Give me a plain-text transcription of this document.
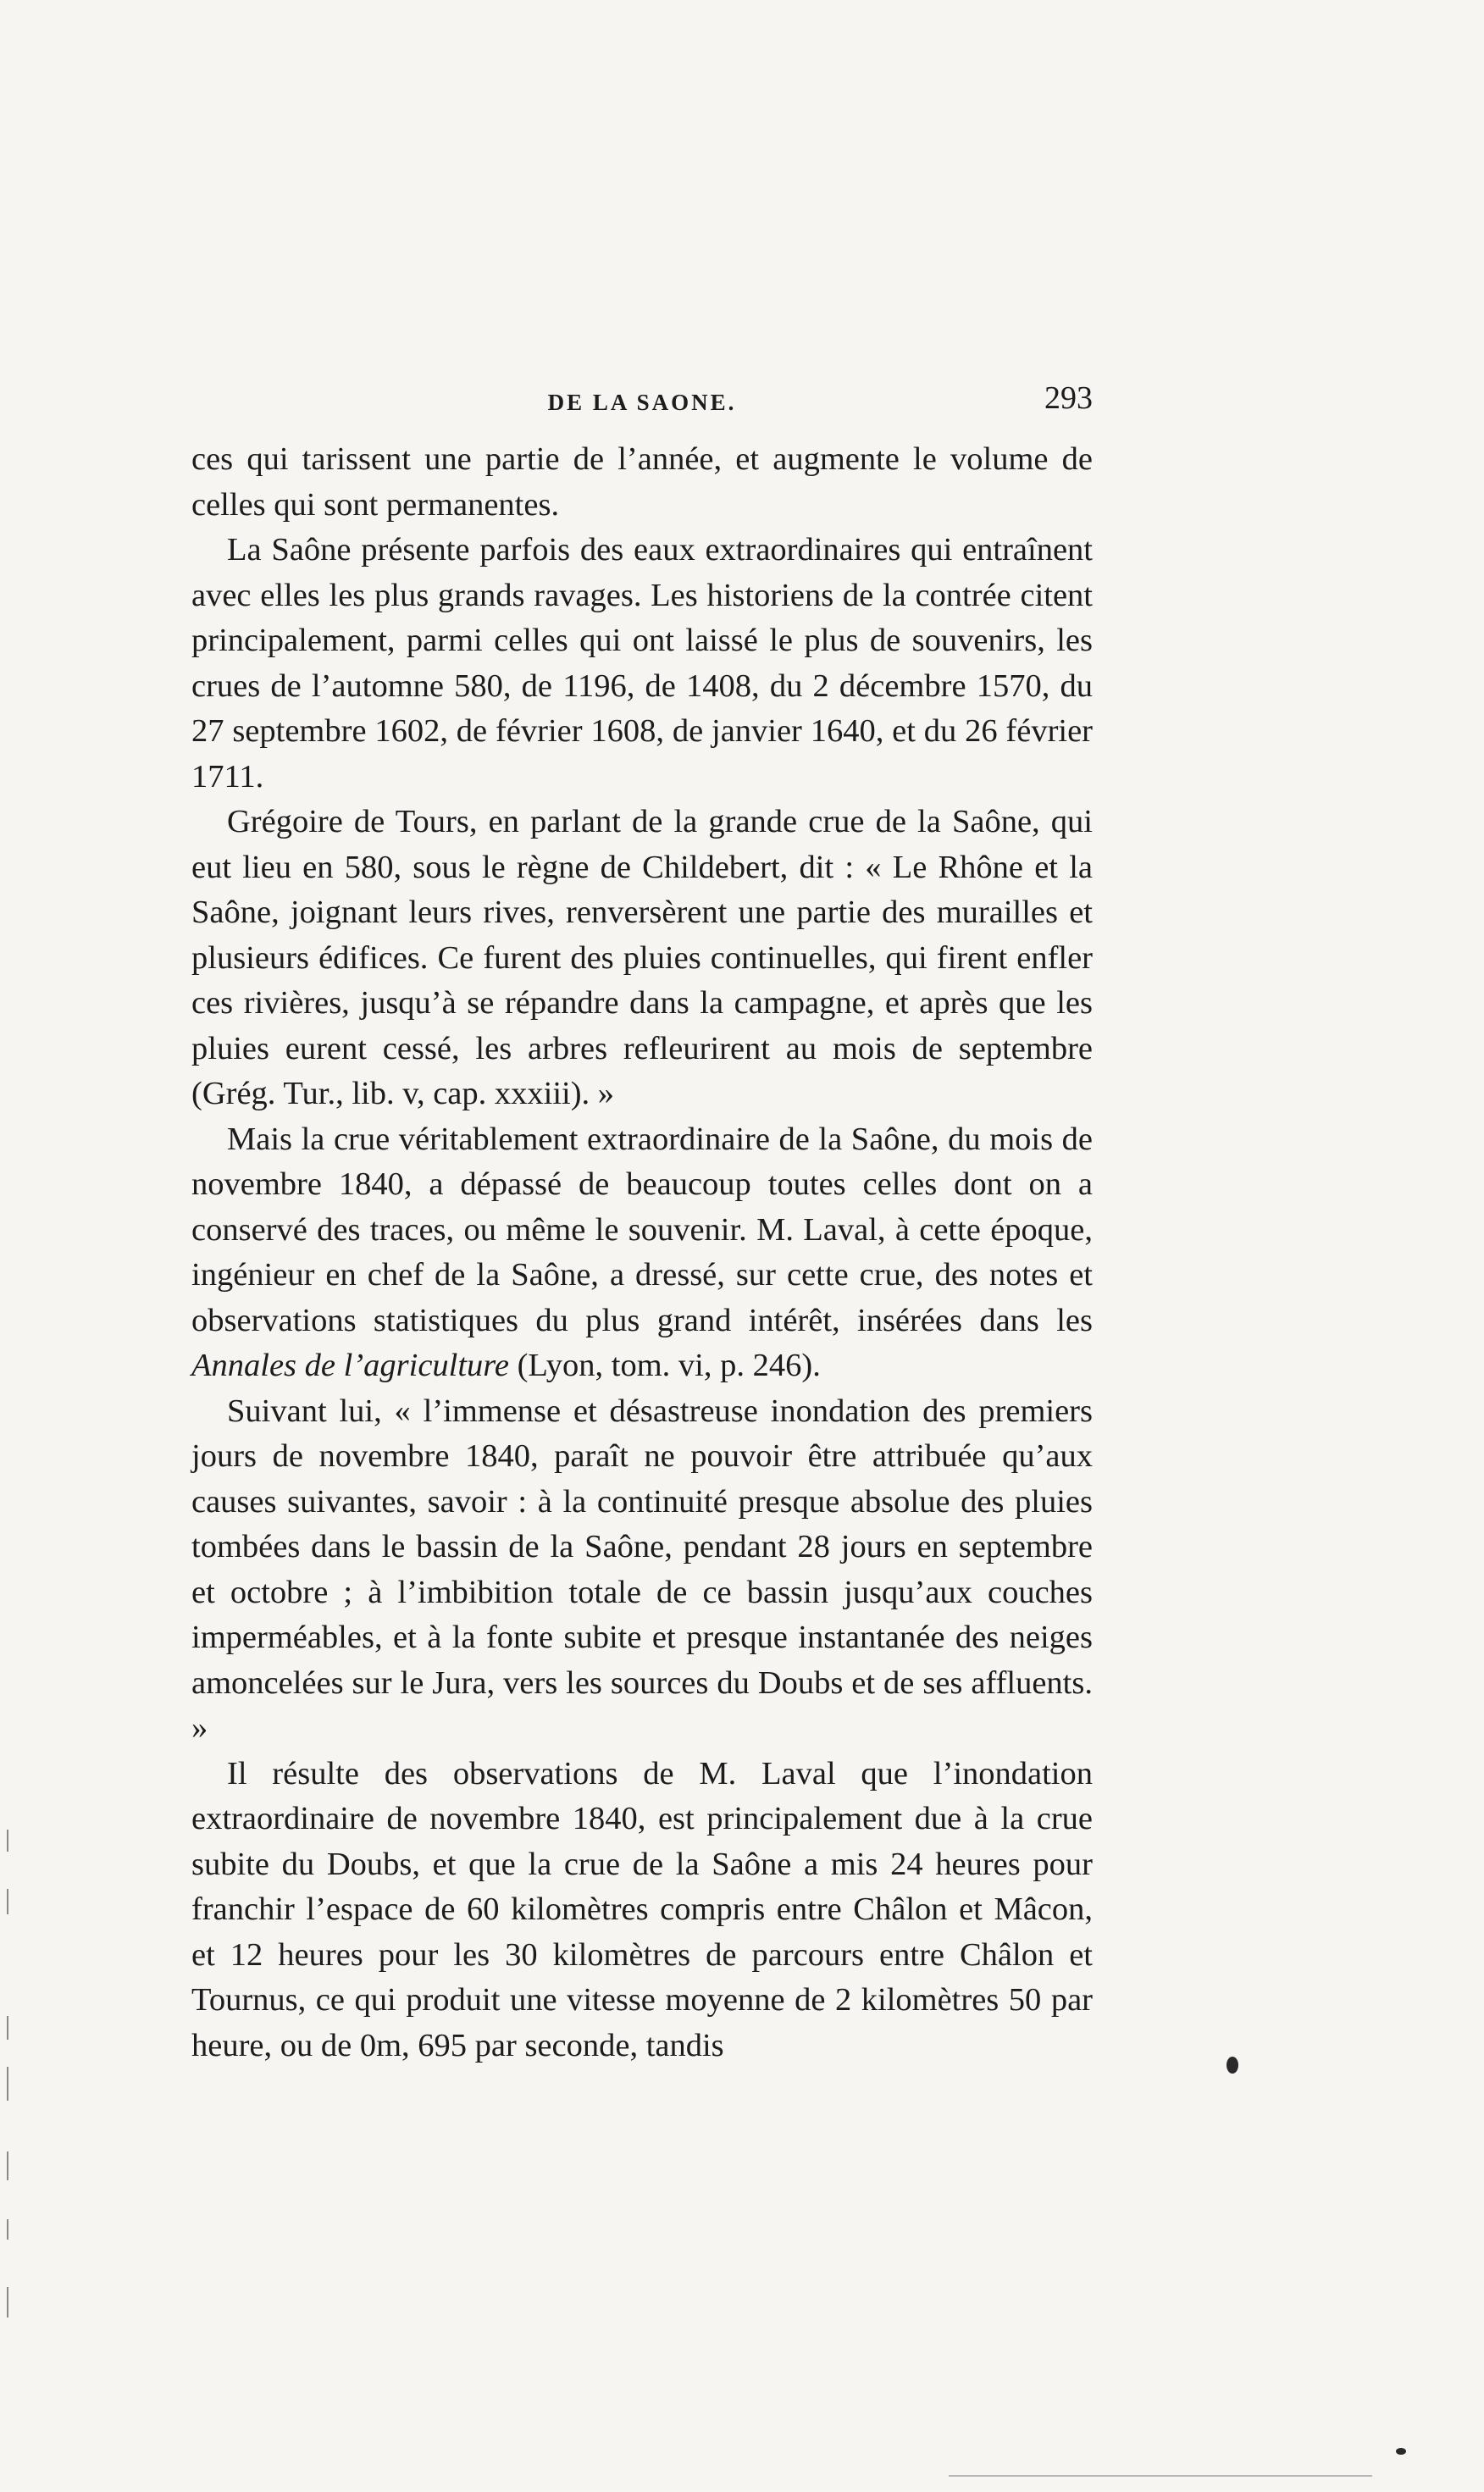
DE LA SAONE.	293

ces qui tarissent une partie de l’année, et augmente le volume de celles qui sont permanentes.

La Saône présente parfois des eaux extraordinaires qui entraînent avec elles les plus grands ravages. Les historiens de la contrée citent principalement, parmi celles qui ont laissé le plus de souvenirs, les crues de l’automne 580, de 1196, de 1408, du 2 décembre 1570, du 27 septembre 1602, de février 1608, de janvier 1640, et du 26 février 1711.

Grégoire de Tours, en parlant de la grande crue de la Saône, qui eut lieu en 580, sous le règne de Childebert, dit : « Le Rhône et la Saône, joignant leurs rives, renversèrent une partie des murailles et plusieurs édifices. Ce furent des pluies continuelles, qui firent enfler ces rivières, jusqu’à se répandre dans la campagne, et après que les pluies eurent cessé, les arbres refleurirent au mois de septembre (Grég. Tur., lib. v, cap. xxxiii). »

Mais la crue véritablement extraordinaire de la Saône, du mois de novembre 1840, a dépassé de beaucoup toutes celles dont on a conservé des traces, ou même le souvenir. M. Laval, à cette époque, ingénieur en chef de la Saône, a dressé, sur cette crue, des notes et observations statistiques du plus grand intérêt, insérées dans les Annales de l’agriculture (Lyon, tom. vi, p. 246).

Suivant lui, « l’immense et désastreuse inondation des premiers jours de novembre 1840, paraît ne pouvoir être attribuée qu’aux causes suivantes, savoir : à la continuité presque absolue des pluies tombées dans le bassin de la Saône, pendant 28 jours en septembre et octobre ; à l’imbibition totale de ce bassin jusqu’aux couches imperméables, et à la fonte subite et presque instantanée des neiges amoncelées sur le Jura, vers les sources du Doubs et de ses affluents. »

Il résulte des observations de M. Laval que l’inondation extraordinaire de novembre 1840, est principalement due à la crue subite du Doubs, et que la crue de la Saône a mis 24 heures pour franchir l’espace de 60 kilomètres compris entre Châlon et Mâcon, et 12 heures pour les 30 kilomètres de parcours entre Châlon et Tournus, ce qui produit une vitesse moyenne de 2 kilomètres 50 par heure, ou de 0m, 695 par seconde, tandis
